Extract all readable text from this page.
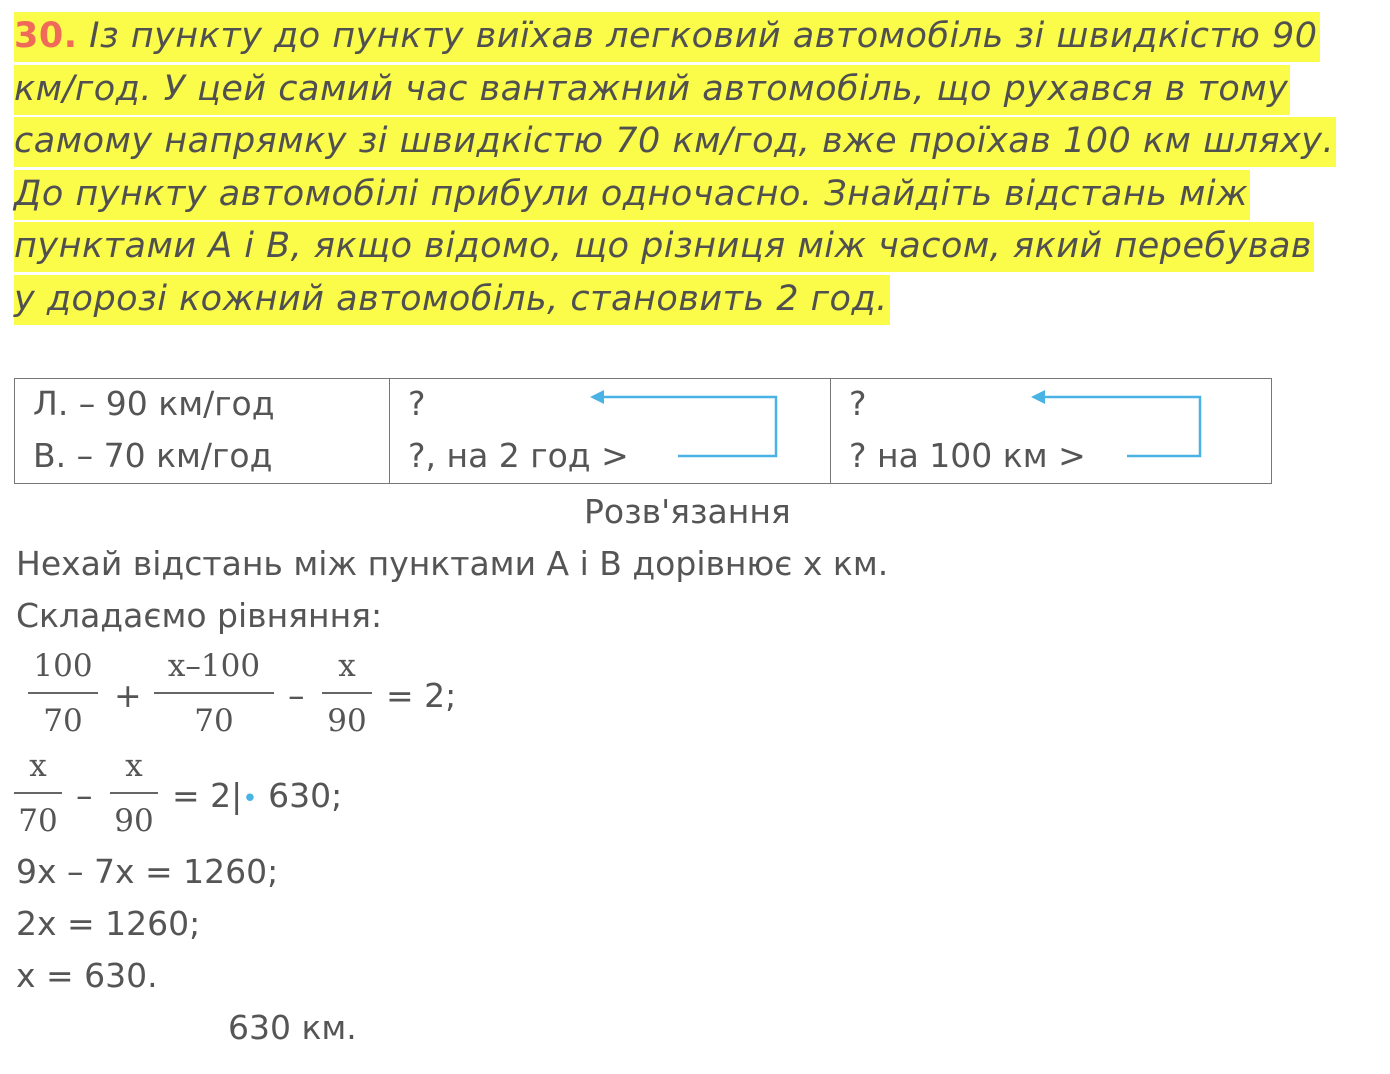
30. Із пункту до пункту виїхав легковий автомобіль зі швидкістю 90
км/год. У цей самий час вантажний автомобіль, що рухався в тому
самому напрямку зі швидкістю 70 км/год, вже проїхав 100 км шляху.
До пункту автомобілі прибули одночасно. Знайдіть відстань між
пунктами А і В, якщо відомо, що різниця між часом, який перебував
у дорозі кожний автомобіль, становить 2 год.
Л. – 90 км/год
В. – 70 км/год

?
?, на 2 год >

?
? на 100 км >
Розв'язання
Нехай відстань між пунктами А і В дорівнює x км.
Складаємо рівняння:
100
70
+
x–100
70
–
x
90
= 2;
x
70
–
x
90
= 2|• 630;
9x – 7x = 1260;
2x = 1260;
x = 630.
630 км.
